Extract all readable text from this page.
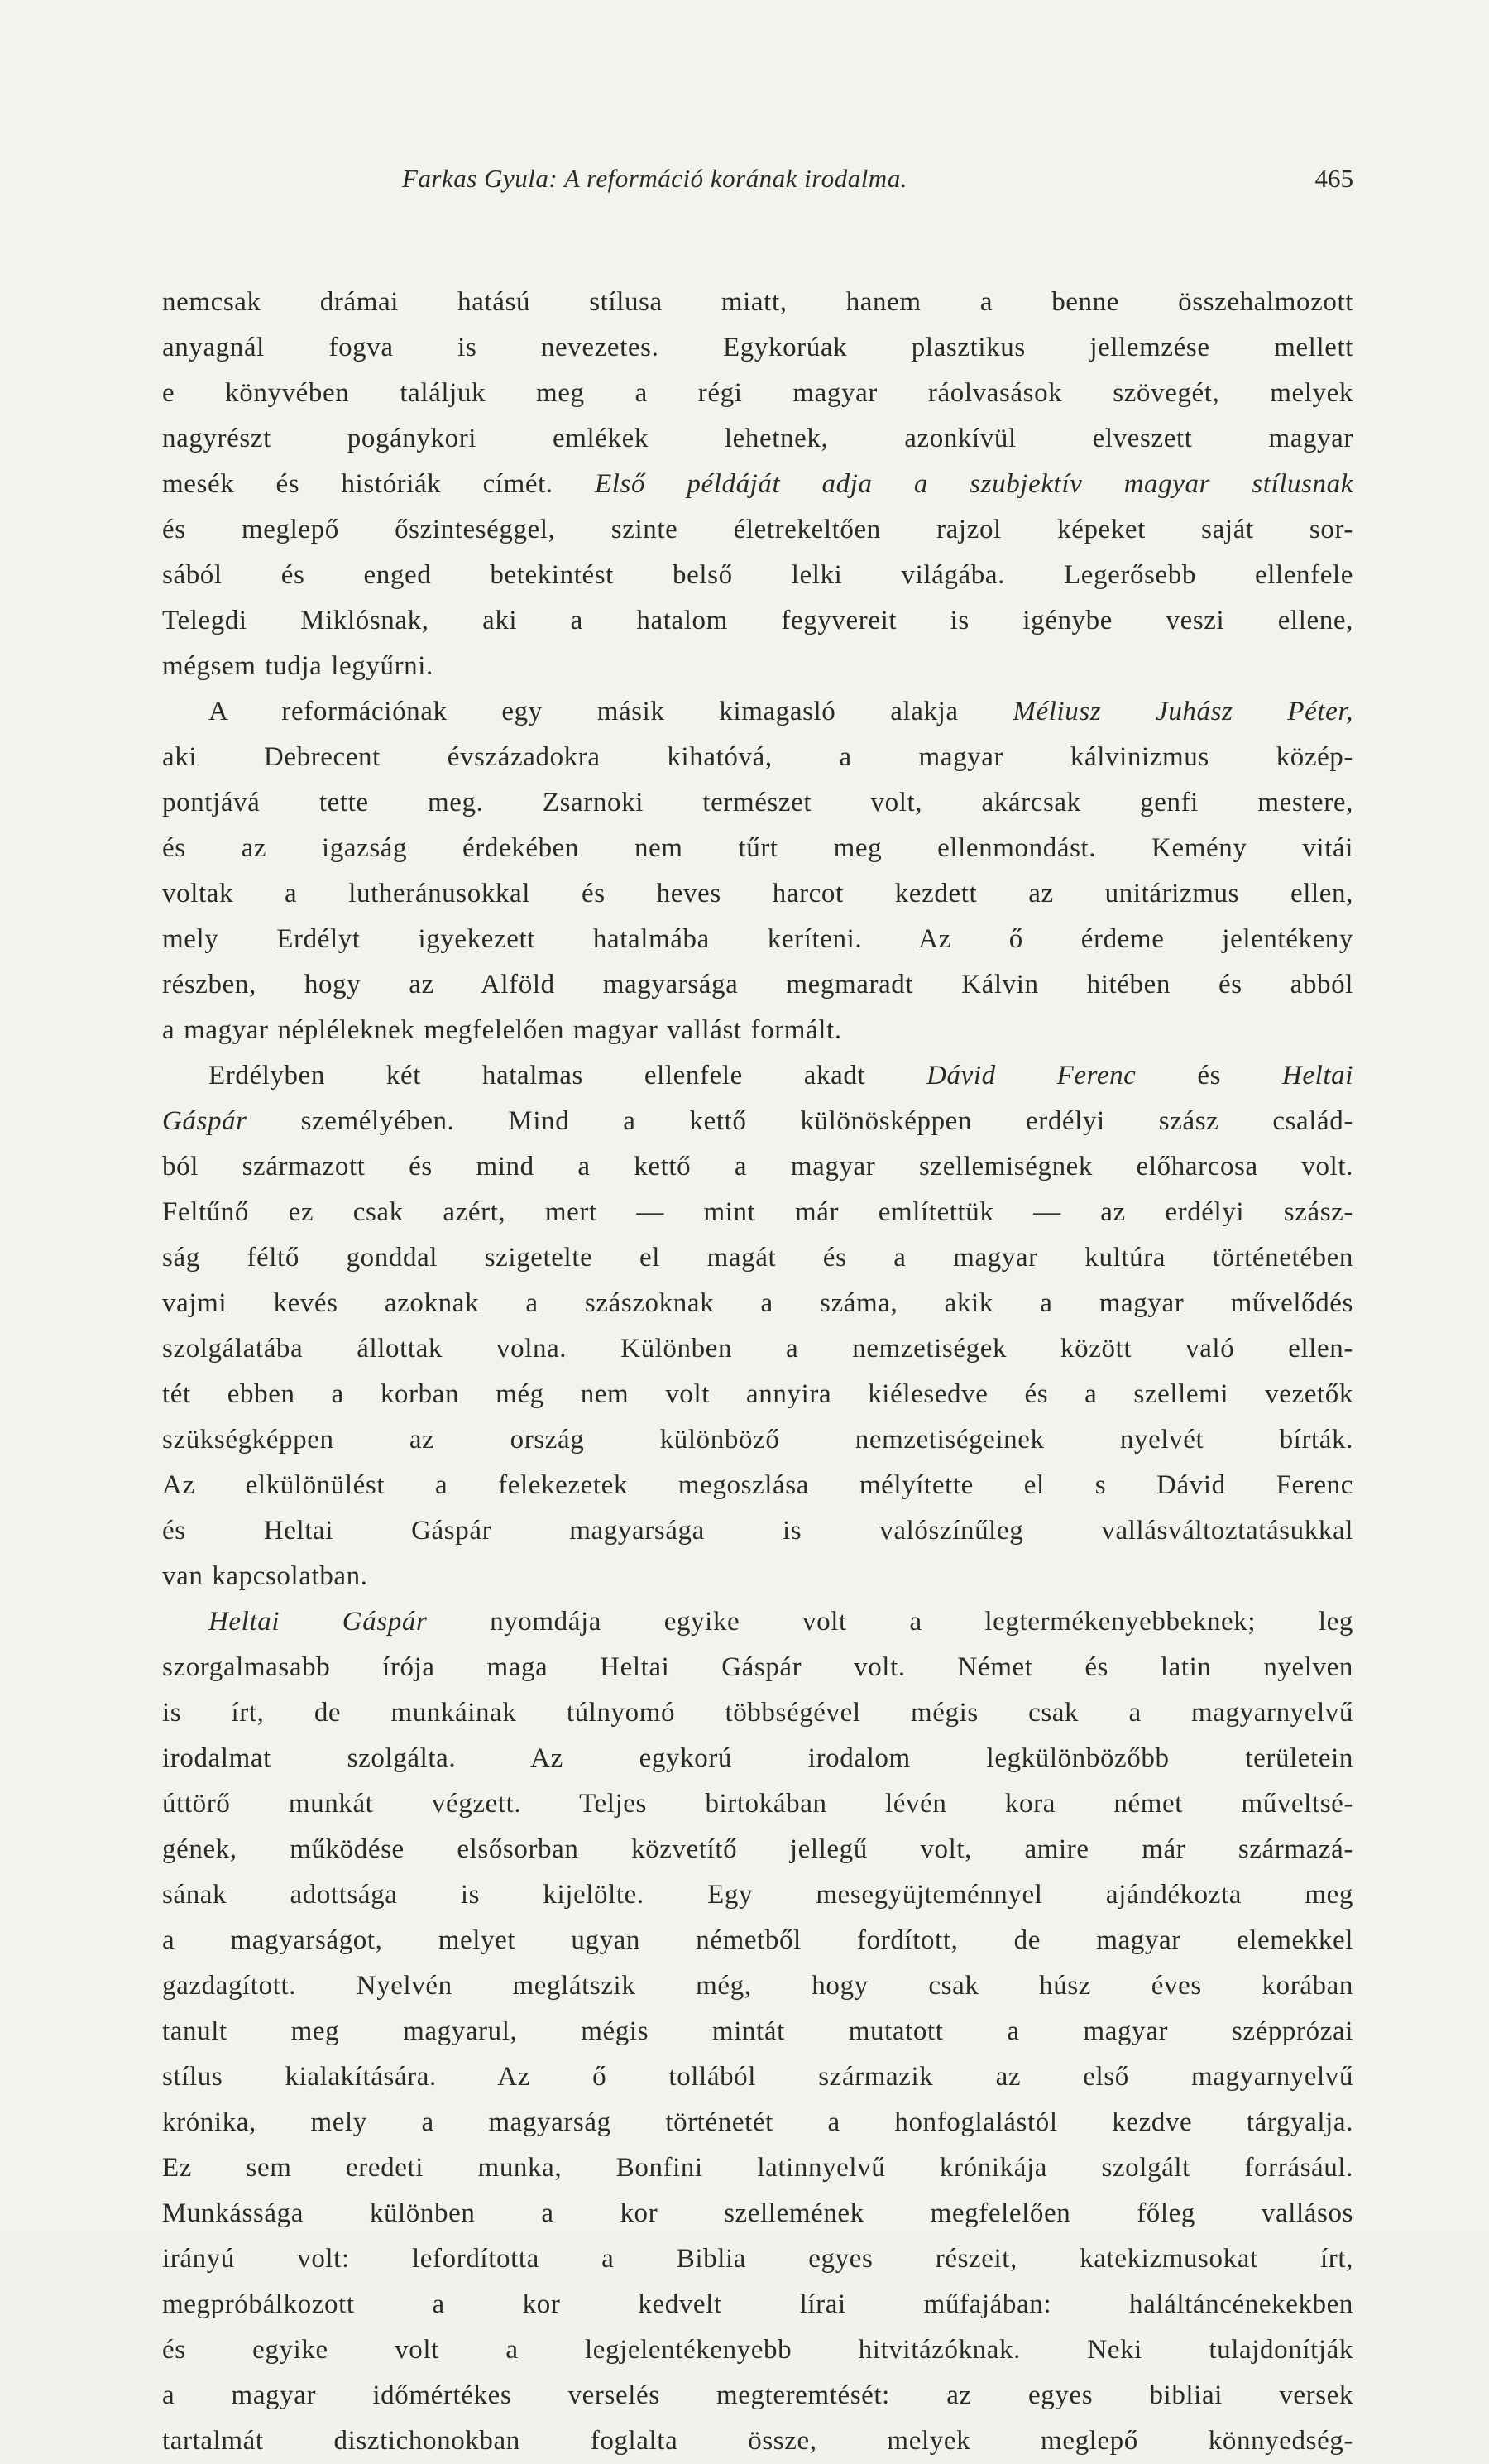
Farkas Gyula: A reformáció korának irodalma.	465
nemcsak drámai hatású stílusa miatt, hanem a benne összehalmozott
anyagnál fogva is nevezetes. Egykorúak plasztikus jellemzése mellett
e könyvében találjuk meg a régi magyar ráolvasások szövegét, melyek
nagyrészt pogánykori emlékek lehetnek, azonkívül elveszett magyar
mesék és históriák címét. Első példáját adja a szubjektív magyar stílusnak
és meglepő őszinteséggel, szinte életrekeltően rajzol képeket saját sor-
sából és enged betekintést belső lelki világába. Legerősebb ellenfele
Telegdi Miklósnak, aki a hatalom fegyvereit is igénybe veszi ellene,
mégsem tudja legyűrni.
A reformációnak egy másik kimagasló alakja Méliusz Juhász Péter,
aki Debrecent évszázadokra kihatóvá, a magyar kálvinizmus közép-
pontjává tette meg. Zsarnoki természet volt, akárcsak genfi mestere,
és az igazság érdekében nem tűrt meg ellenmondást. Kemény vitái
voltak a lutheránusokkal és heves harcot kezdett az unitárizmus ellen,
mely Erdélyt igyekezett hatalmába keríteni. Az ő érdeme jelentékeny
részben, hogy az Alföld magyarsága megmaradt Kálvin hitében és abból
a magyar népléleknek megfelelően magyar vallást formált.
Erdélyben két hatalmas ellenfele akadt Dávid Ferenc és Heltai
Gáspár személyében. Mind a kettő különösképpen erdélyi szász család-
ból származott és mind a kettő a magyar szellemiségnek előharcosa volt.
Feltűnő ez csak azért, mert — mint már említettük — az erdélyi szász-
ság féltő gonddal szigetelte el magát és a magyar kultúra történetében
vajmi kevés azoknak a szászoknak a száma, akik a magyar művelődés
szolgálatába állottak volna. Különben a nemzetiségek között való ellen-
tét ebben a korban még nem volt annyira kiélesedve és a szellemi vezetők
szükségképpen az ország különböző nemzetiségeinek nyelvét bírták.
Az elkülönülést a felekezetek megoszlása mélyítette el s Dávid Ferenc
és Heltai Gáspár magyarsága is valószínűleg vallásváltoztatásukkal
van kapcsolatban.
Heltai Gáspár nyomdája egyike volt a legtermékenyebbeknek; leg
szorgalmasabb írója maga Heltai Gáspár volt. Német és latin nyelven
is írt, de munkáinak túlnyomó többségével mégis csak a magyarnyelvű
irodalmat szolgálta. Az egykorú irodalom legkülönbözőbb területein
úttörő munkát végzett. Teljes birtokában lévén kora német műveltsé-
gének, működése elsősorban közvetítő jellegű volt, amire már származá-
sának adottsága is kijelölte. Egy mesegyüjteménnyel ajándékozta meg
a magyarságot, melyet ugyan németből fordított, de magyar elemekkel
gazdagított. Nyelvén meglátszik még, hogy csak húsz éves korában
tanult meg magyarul, mégis mintát mutatott a magyar szépprózai
stílus kialakítására. Az ő tollából származik az első magyarnyelvű
krónika, mely a magyarság történetét a honfoglalástól kezdve tárgyalja.
Ez sem eredeti munka, Bonfini latinnyelvű krónikája szolgált forrásául.
Munkássága különben a kor szellemének megfelelően főleg vallásos
irányú volt: lefordította a Biblia egyes részeit, katekizmusokat írt,
megpróbálkozott a kor kedvelt lírai műfajában: haláltáncénekekben
és egyike volt a legjelentékenyebb hitvitázóknak. Neki tulajdonítják
a magyar időmértékes verselés megteremtését: az egyes bibliai versek
tartalmát disztichonokban foglalta össze, melyek meglepő könnyedség-
